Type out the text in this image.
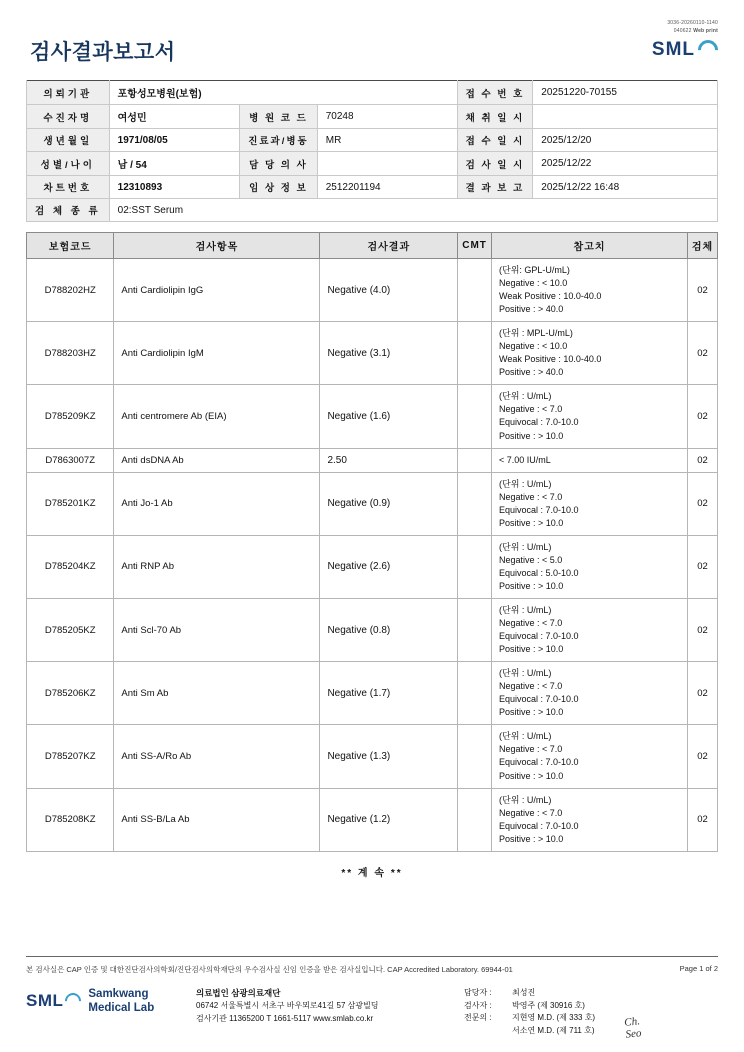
검사결과보고서
3036-20260110-1140
040622 Web print
SML
의뢰기관	포항성모병원(보험)			접 수 번 호	20251220-70155
수진자명	여성민	병 원 코 드	70248	채 취 일 시	
생년월일	1971/08/05	진료과/병동	MR	접 수 일 시	2025/12/20
성별/나이	남 / 54	담 당 의 사		검 사 일 시	2025/12/22
차트번호	12310893	임 상 정 보	2512201194	결 과 보 고	2025/12/22 16:48
검 체 종 류	02:SST Serum				
보험코드	검사항목	검사결과	CMT	참고치	검체
D788202HZ	Anti Cardiolipin IgG	Negative (4.0)		(단위: GPL-U/mL)
Negative : < 10.0
Weak Positive : 10.0-40.0
Positive : > 40.0	02
D788203HZ	Anti Cardiolipin IgM	Negative (3.1)		(단위 : MPL-U/mL)
Negative : < 10.0
Weak Positive : 10.0-40.0
Positive : > 40.0	02
D785209KZ	Anti centromere Ab (EIA)	Negative (1.6)		(단위 : U/mL)
Negative : < 7.0
Equivocal : 7.0-10.0
Positive : > 10.0	02
D7863007Z	Anti dsDNA Ab	2.50		< 7.00 IU/mL	02
D785201KZ	Anti Jo-1 Ab	Negative (0.9)		(단위 : U/mL)
Negative : < 7.0
Equivocal : 7.0-10.0
Positive : > 10.0	02
D785204KZ	Anti RNP Ab	Negative (2.6)		(단위 : U/mL)
Negative : < 5.0
Equivocal : 5.0-10.0
Positive : > 10.0	02
D785205KZ	Anti Scl-70 Ab	Negative (0.8)		(단위 : U/mL)
Negative : < 7.0
Equivocal : 7.0-10.0
Positive : > 10.0	02
D785206KZ	Anti Sm Ab	Negative (1.7)		(단위 : U/mL)
Negative : < 7.0
Equivocal : 7.0-10.0
Positive : > 10.0	02
D785207KZ	Anti SS-A/Ro Ab	Negative (1.3)		(단위 : U/mL)
Negative : < 7.0
Equivocal : 7.0-10.0
Positive : > 10.0	02
D785208KZ	Anti SS-B/La Ab	Negative (1.2)		(단위 : U/mL)
Negative : < 7.0
Equivocal : 7.0-10.0
Positive : > 10.0	02
** 계 속 **
본 검사실은 CAP 인증 및 대한진단검사의학회/진단검사의학재단의 우수검사실 신임 인증을 받은 검사실입니다. CAP Accredited Laboratory. 69944-01	Page 1 of 2
SML Samkwang
Medical Lab
의료법인 삼광의료재단
06742 서울특별시 서초구 바우뫼로41길 57 삼광빌딩
검사기관 11365200 T 1661-5117 www.smlab.co.kr
담당자 :	최성진
검사자 :	박영주 (제 30916 호)
전문의 :	지현영 M.D. (제 333 호)
서소연 M.D. (제 711 호)
Ch.
Seo
